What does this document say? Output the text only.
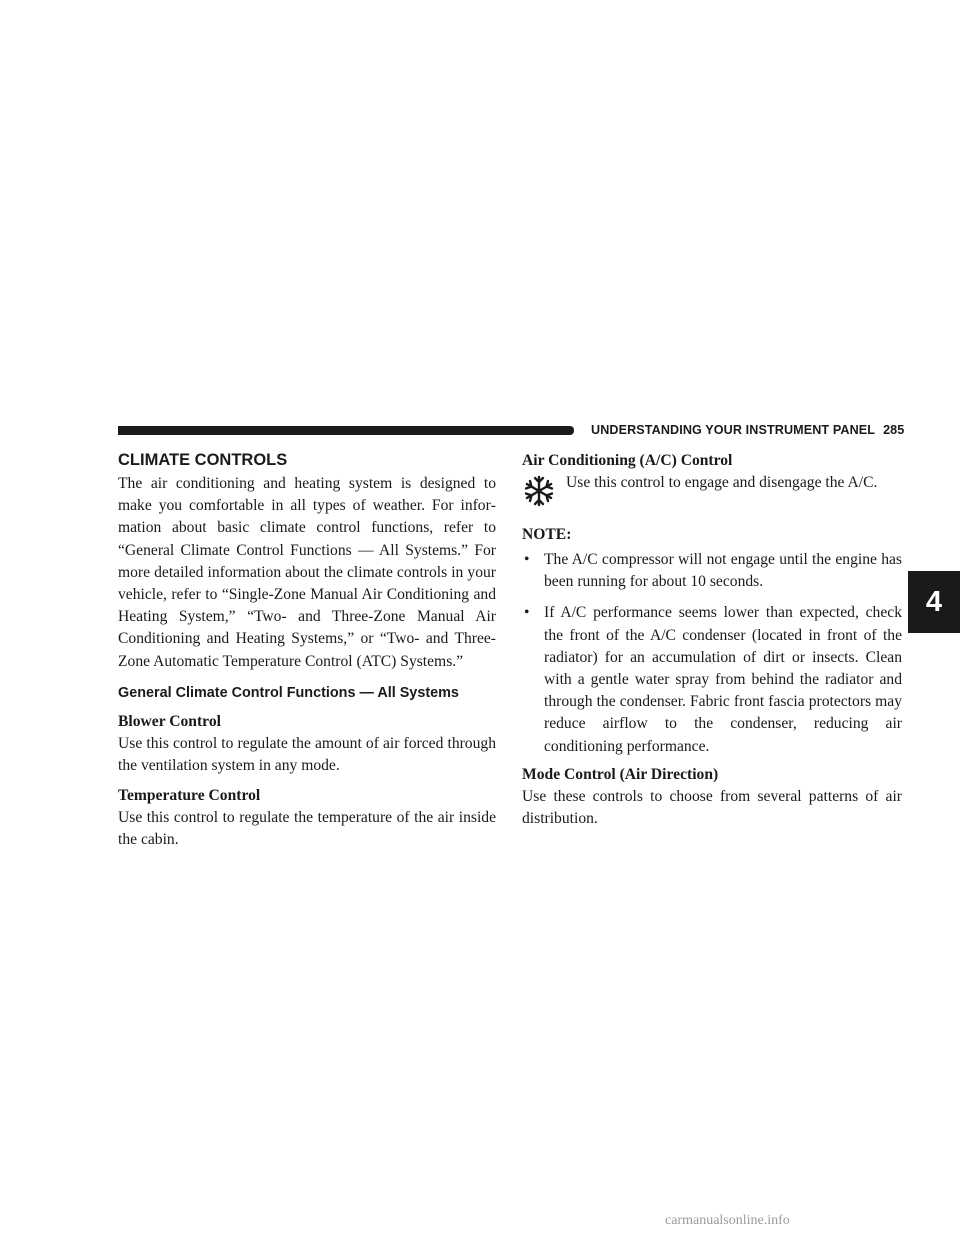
UNDERSTANDING YOUR INSTRUMENT PANEL 285
4
CLIMATE CONTROLS

The air conditioning and heating system is designed to make you comfortable in all types of weather. For information about basic climate control functions, refer to “General Climate Control Functions — All Systems.” For more detailed information about the climate controls in your vehicle, refer to “Single-Zone Manual Air Conditioning and Heating System,” “Two- and Three-Zone Manual Air Conditioning and Heating Systems,” or “Two- and Three-Zone Automatic Temperature Control (ATC) Systems.”

General Climate Control Functions — All Systems
Blower Control

Use this control to regulate the amount of air forced through the ventilation system in any mode.

Temperature Control

Use this control to regulate the temperature of the air inside the cabin.

Air Conditioning (A/C) Control
Use this control to engage and disengage the A/C.

NOTE:

• The A/C compressor will not engage until the engine has been running for about 10 seconds.

• If A/C performance seems lower than expected, check the front of the A/C condenser (located in front of the radiator) for an accumulation of dirt or insects. Clean with a gentle water spray from behind the radiator and through the condenser. Fabric front fascia protectors may reduce airflow to the condenser, reducing air conditioning performance.

Mode Control (Air Direction)

Use these controls to choose from several patterns of air distribution.

carmanualsonline.info
